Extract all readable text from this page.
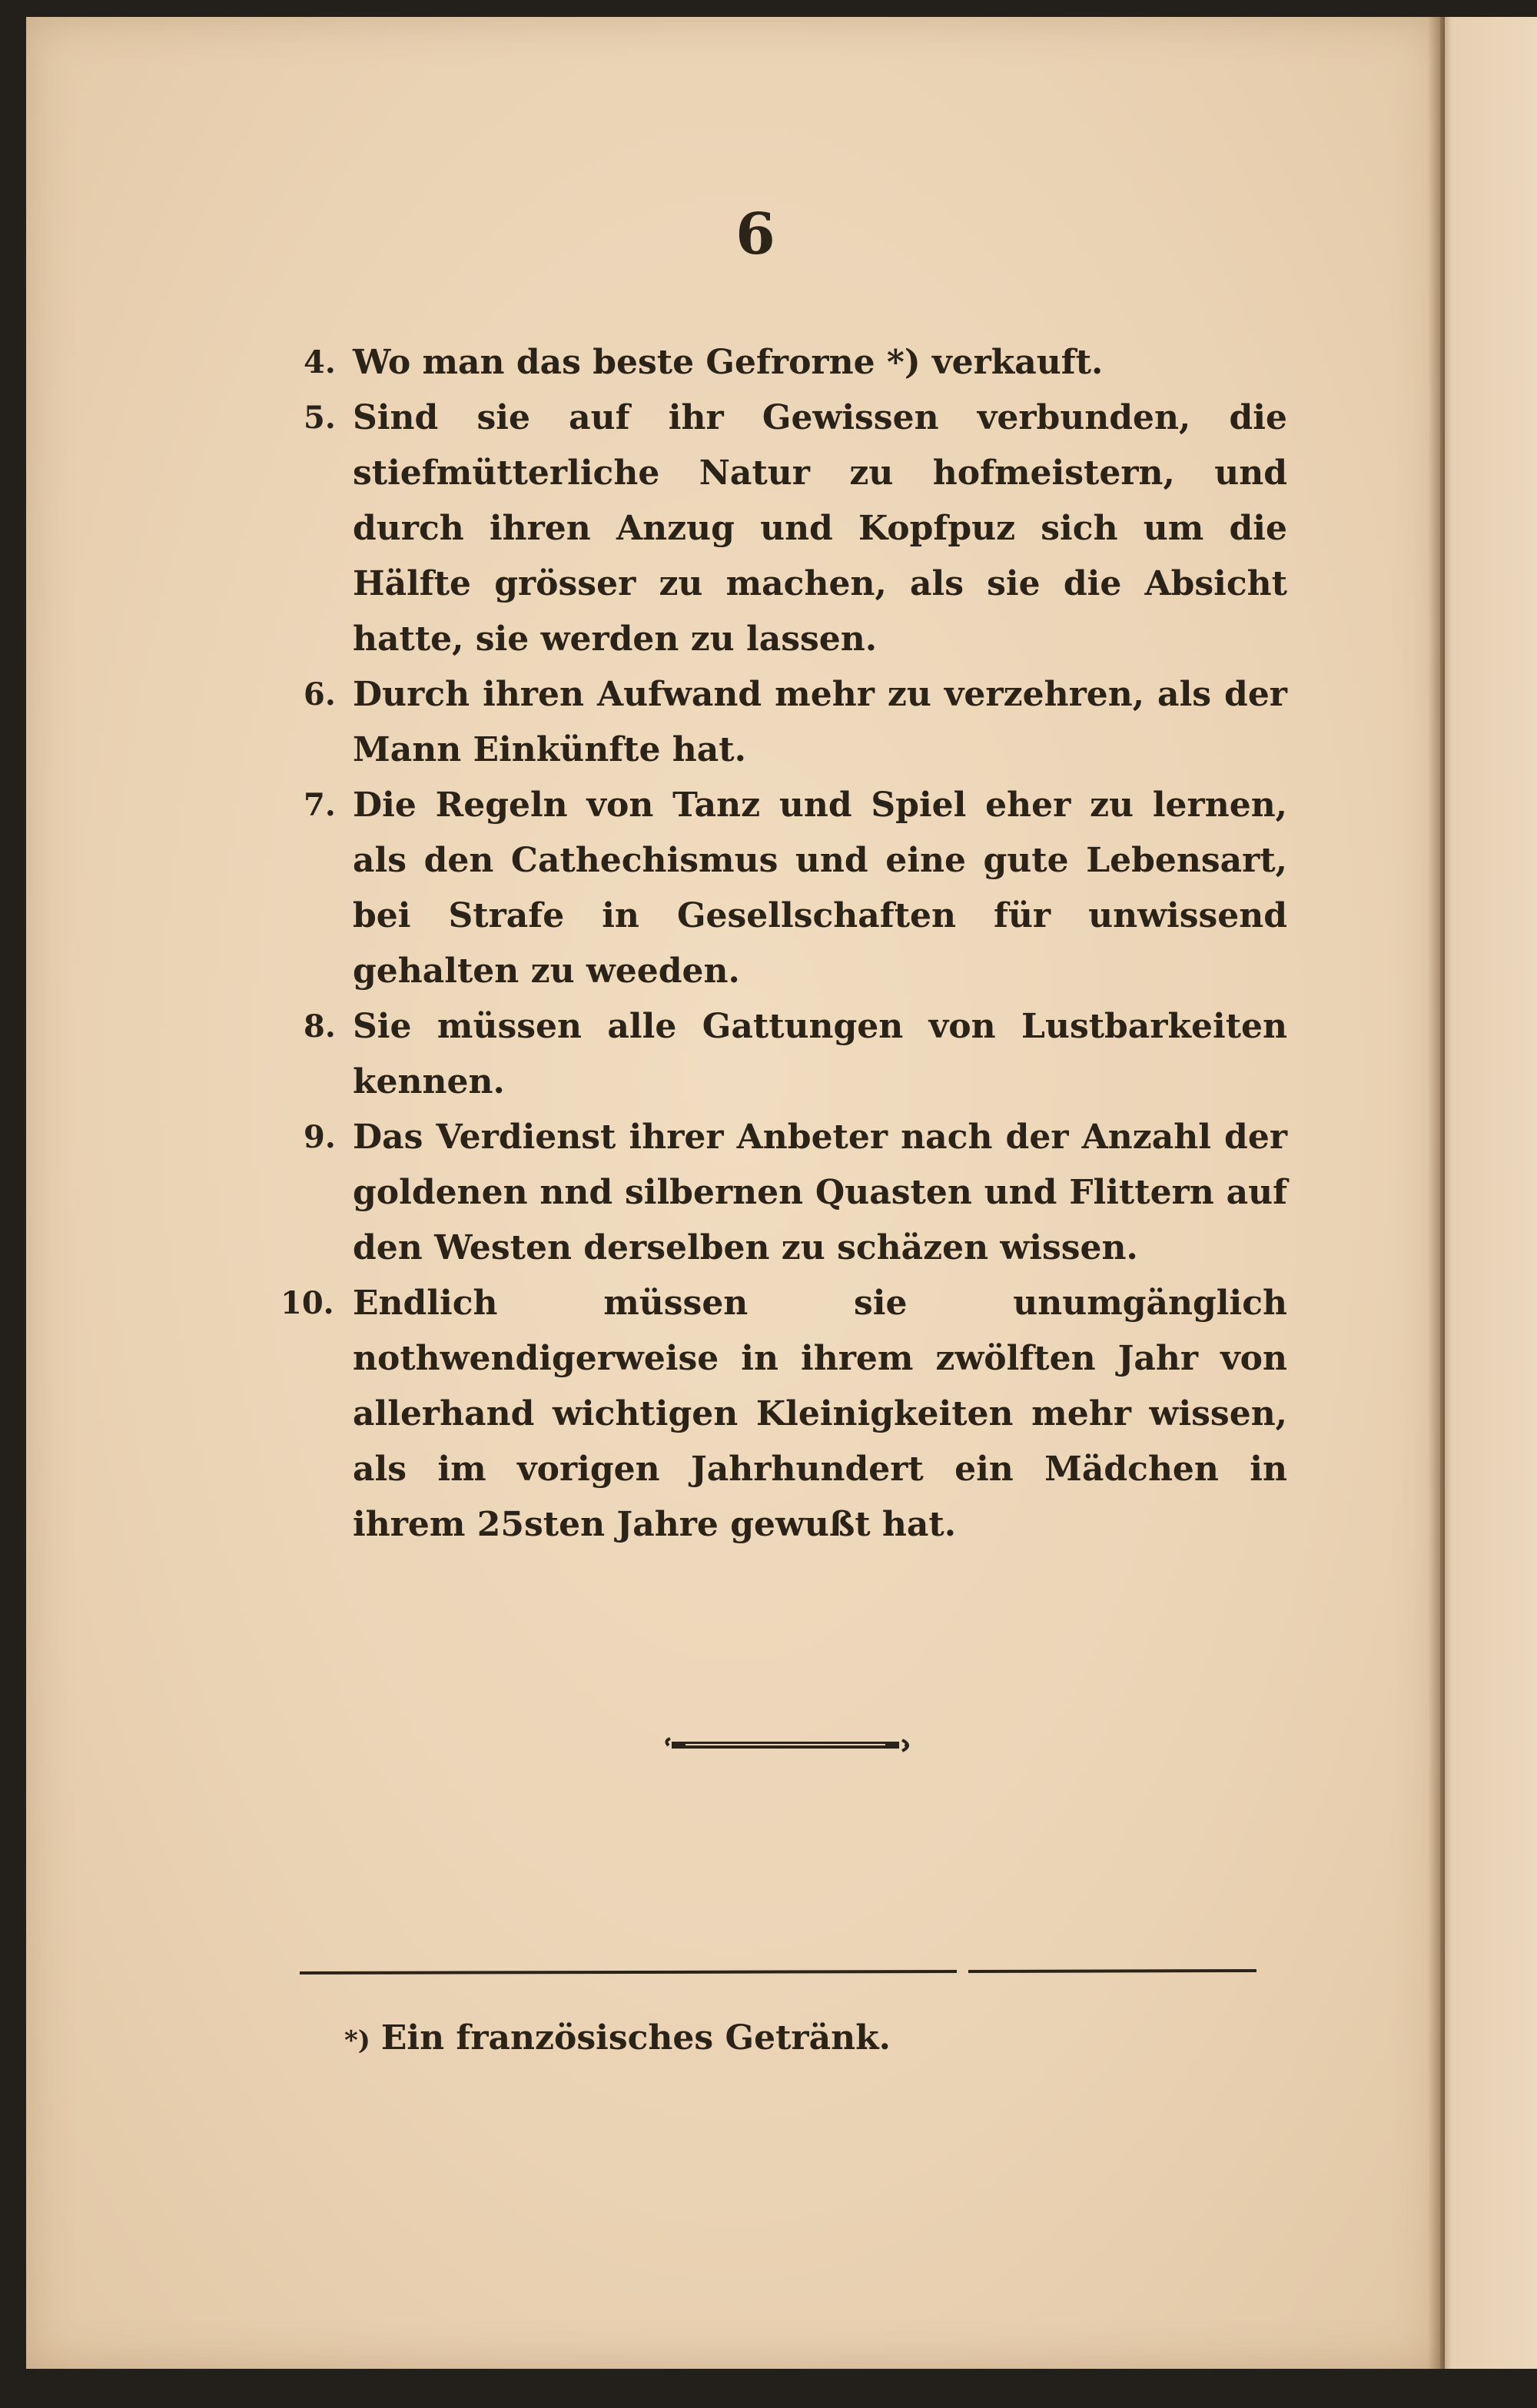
6
4. Wo man das beste Gefrorne *) verkauft.
5. Sind sie auf ihr Gewissen verbunden, die stiefmütterliche Natur zu hofmeistern, und durch ihren Anzug und Kopfpuz sich um die Hälfte grösser zu machen, als sie die Absicht hatte, sie werden zu lassen.
6. Durch ihren Aufwand mehr zu verzehren, als der Mann Einkünfte hat.
7. Die Regeln von Tanz und Spiel eher zu lernen, als den Cathechismus und eine gute Lebensart, bei Strafe in Gesellschaften für unwissend gehalten zu weeden.
8. Sie müssen alle Gattungen von Lustbarkeiten kennen.
9. Das Verdienst ihrer Anbeter nach der Anzahl der goldenen nnd silbernen Quasten und Flittern auf den Westen derselben zu schäzen wissen.
10. Endlich müssen sie unumgänglich nothwendigerweise in ihrem zwölften Jahr von allerhand wichtigen Kleinigkeiten mehr wissen, als im vorigen Jahrhundert ein Mädchen in ihrem 25sten Jahre gewußt hat.
*) Ein französisches Getränk.
